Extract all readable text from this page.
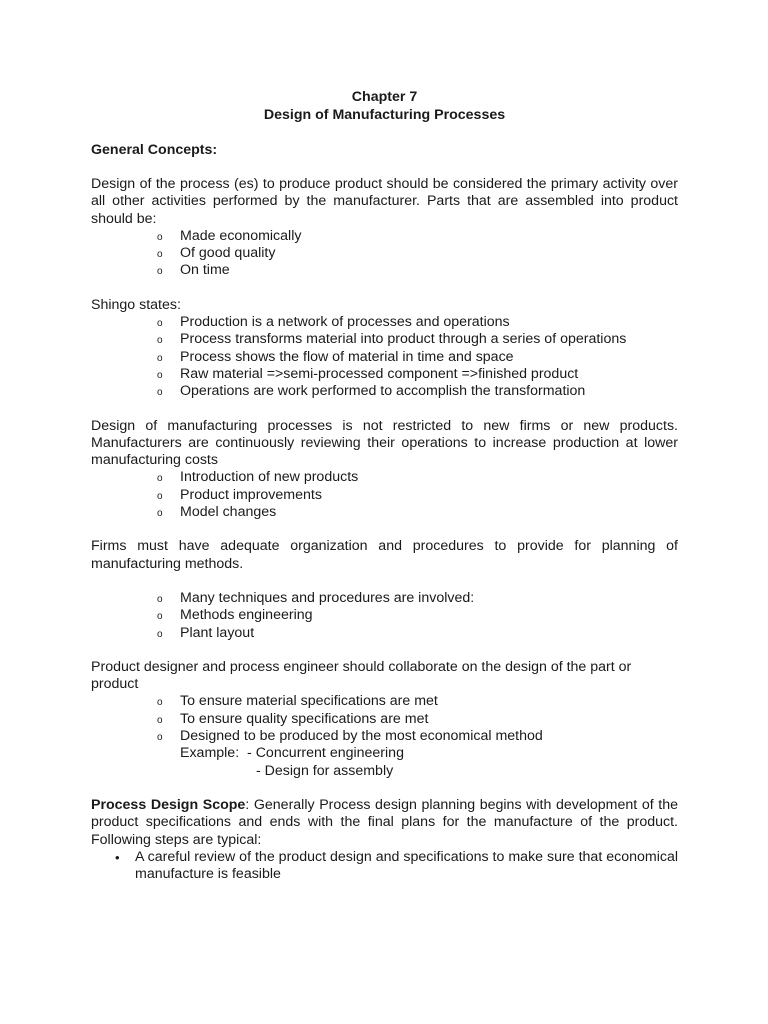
Chapter 7
Design of Manufacturing Processes
General Concepts:

Design of the process (es) to produce product should be considered the primary activity over all other activities performed by the manufacturer. Parts that are assembled into product should be:

o Made economically
o Of good quality
o On time
Shingo states:
o Production is a network of processes and operations
o Process transforms material into product through a series of operations
o Process shows the flow of material in time and space
o Raw material =>semi-processed component =>finished product
o Operations are work performed to accomplish the transformation

Design of manufacturing processes is not restricted to new firms or new products. Manufacturers are continuously reviewing their operations to increase production at lower manufacturing costs

o Introduction of new products
o Product improvements
o Model changes

Firms must have adequate organization and procedures to provide for planning of manufacturing methods.

o Many techniques and procedures are involved:
o Methods engineering
o Plant layout

Product designer and process engineer should collaborate on the design of the part or product

o To ensure material specifications are met
o To ensure quality specifications are met
o Designed to be produced by the most economical method
Example:  - Concurrent engineering
- Design for assembly

Process Design Scope: Generally Process design planning begins with development of the product specifications and ends with the final plans for the manufacture of the product. Following steps are typical:

• A careful review of the product design and specifications to make sure that economical manufacture is feasible
